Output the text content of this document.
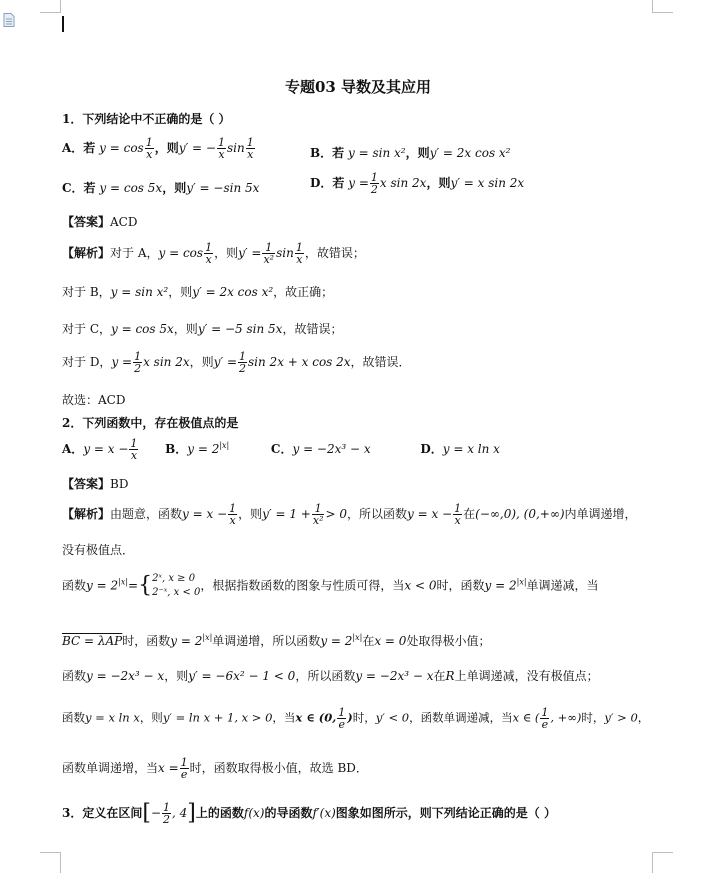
专题03 导数及其应用
1．下列结论中不正确的是（ ）
A．若 $y = \cos \frac{1}{x}$ ，则y′ = − $\frac{1}{x}$ $\sin \frac{1}{x}$	B．若 y = sin x²，则y′ = 2x cos x²
C．若 y = cos 5x，则y′ = −sin 5x	D．若 $y = \frac{1}{2}$ x sin 2x，则y′ = x sin 2x
【答案】ACD
【解析】对于 A，$y = \cos \frac{1}{x}$ ，则$y' = \frac{1}{\text{x²}}$ $\sin \frac{1}{x}$ ，故错误；
对于 B，y = sin x²，则y′ = 2x cos x²，故正确；
对于 C，y = cos 5x，则y′ = −5 sin 5x，故错误；
对于 D，$y = \frac{1}{2}$ x sin 2x，则$y' = \frac{1}{2}$ sin 2x + x cos 2x，故错误．
故选：ACD
2．下列函数中，存在极值点的是
A．$y = x - \frac{1}{x}$ B．$y = 2^{|x|}$	C．y = −2x³ − x	D．y = x ln x
【答案】BD
【解析】由题意，函数$y = x - \frac{1}{x}$ ，则$y' = 1 + \frac{1}{\text{x²}} > 0$，所以函数$y = x - \frac{1}{x}$ 在(−∞,0), (0,+∞)内单调递增，
没有极值点．
函数$y = 2^{|x|}=${ 2ˣ, x ≥ 0
2⁻ˣ, x < 0 ，根据指数函数的图象与性质可得，当x < 0时，函数$y = 2^{|x|}$单调递减，当
BC = λAP时，函数$y = 2^{|x|}$单调递增，所以函数$y = 2^{|x|}$在x = 0处取得极小值；
函数y = −2x³ − x，则y′ = −6x² − 1 < 0，所以函数y = −2x³ − x在R上单调递减，没有极值点；
函数y = x ln x，则y′ = ln x + 1, x > 0，当x ∈ (0, $\frac{1}{e}$ )时，y′ < 0，函数单调递减，当x ∈ ( $\frac{1}{e}$ , +∞)时，y′ > 0，
函数单调递增，当$x = \frac{1}{e}$ 时，函数取得极小值，故选 BD．
3．定义在区间[− $\frac{1}{2}$ , 4]上的函数f(x)的导函数f′(x)图象如图所示，则下列结论正确的是（ ）
